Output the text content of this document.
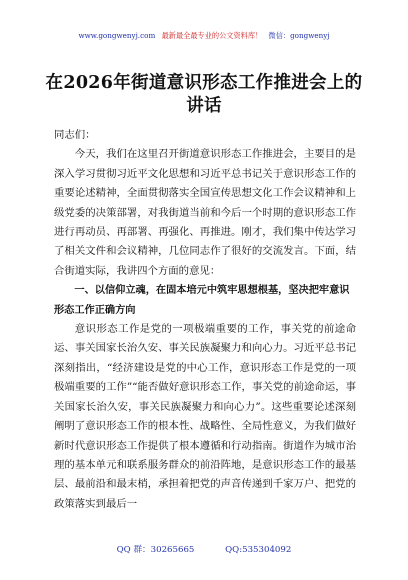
www.gongwenyj.com 最新最全最专业的公文资料库！ 微信：gongwenyj
在2026年街道意识形态工作推进会上的讲话

同志们：

今天，我们在这里召开街道意识形态工作推进会，主要目的是深入学习贯彻习近平文化思想和习近平总书记关于意识形态工作的重要论述精神，全面贯彻落实全国宣传思想文化工作会议精神和上级党委的决策部署，对我街道当前和今后一个时期的意识形态工作进行再动员、再部署、再强化、再推进。刚才，我们集中传达学习了相关文件和会议精神，几位同志作了很好的交流发言。下面，结合街道实际，我讲四个方面的意见：

一、以信仰立魂，在固本培元中筑牢思想根基，坚决把牢意识形态工作正确方向

意识形态工作是党的一项极端重要的工作，事关党的前途命运、事关国家长治久安、事关民族凝聚力和向心力。习近平总书记深刻指出，“经济建设是党的中心工作，意识形态工作是党的一项极端重要的工作”“能否做好意识形态工作，事关党的前途命运，事关国家长治久安，事关民族凝聚力和向心力”。这些重要论述深刻阐明了意识形态工作的根本性、战略性、全局性意义，为我们做好新时代意识形态工作提供了根本遵循和行动指南。街道作为城市治理的基本单元和联系服务群众的前沿阵地，是意识形态工作的最基层、最前沿和最末梢，承担着把党的声音传递到千家万户、把党的政策落实到最后一

QQ 群：30265665	QQ:535304092
